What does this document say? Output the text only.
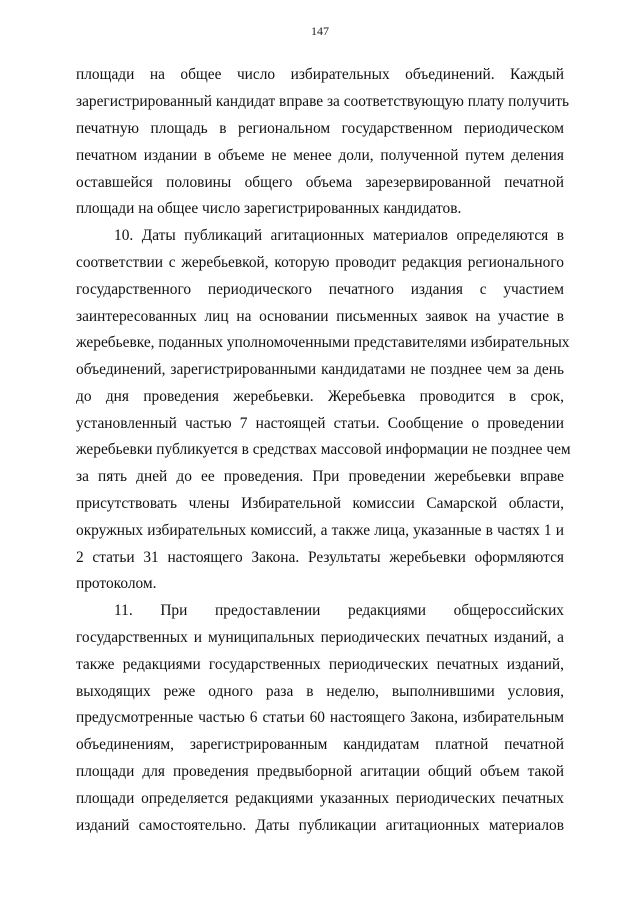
147
площади на общее число избирательных объединений. Каждый
зарегистрированный кандидат вправе за соответствующую плату получить
печатную площадь в региональном государственном периодическом
печатном издании в объеме не менее доли, полученной путем деления
оставшейся половины общего объема зарезервированной печатной
площади на общее число зарегистрированных кандидатов.
10. Даты публикаций агитационных материалов определяются в
соответствии с жеребьевкой, которую проводит редакция регионального
государственного периодического печатного издания с участием
заинтересованных лиц на основании письменных заявок на участие в
жеребьевке, поданных уполномоченными представителями избирательных
объединений, зарегистрированными кандидатами не позднее чем за день
до дня проведения жеребьевки. Жеребьевка проводится в срок,
установленный частью 7 настоящей статьи. Сообщение о проведении
жеребьевки публикуется в средствах массовой информации не позднее чем
за пять дней до ее проведения. При проведении жеребьевки вправе
присутствовать члены Избирательной комиссии Самарской области,
окружных избирательных комиссий, а также лица, указанные в частях 1 и
2 статьи 31 настоящего Закона. Результаты жеребьевки оформляются
протоколом.
11. При предоставлении редакциями общероссийских
государственных и муниципальных периодических печатных изданий, а
также редакциями государственных периодических печатных изданий,
выходящих реже одного раза в неделю, выполнившими условия,
предусмотренные частью 6 статьи 60 настоящего Закона, избирательным
объединениям, зарегистрированным кандидатам платной печатной
площади для проведения предвыборной агитации общий объем такой
площади определяется редакциями указанных периодических печатных
изданий самостоятельно. Даты публикации агитационных материалов
